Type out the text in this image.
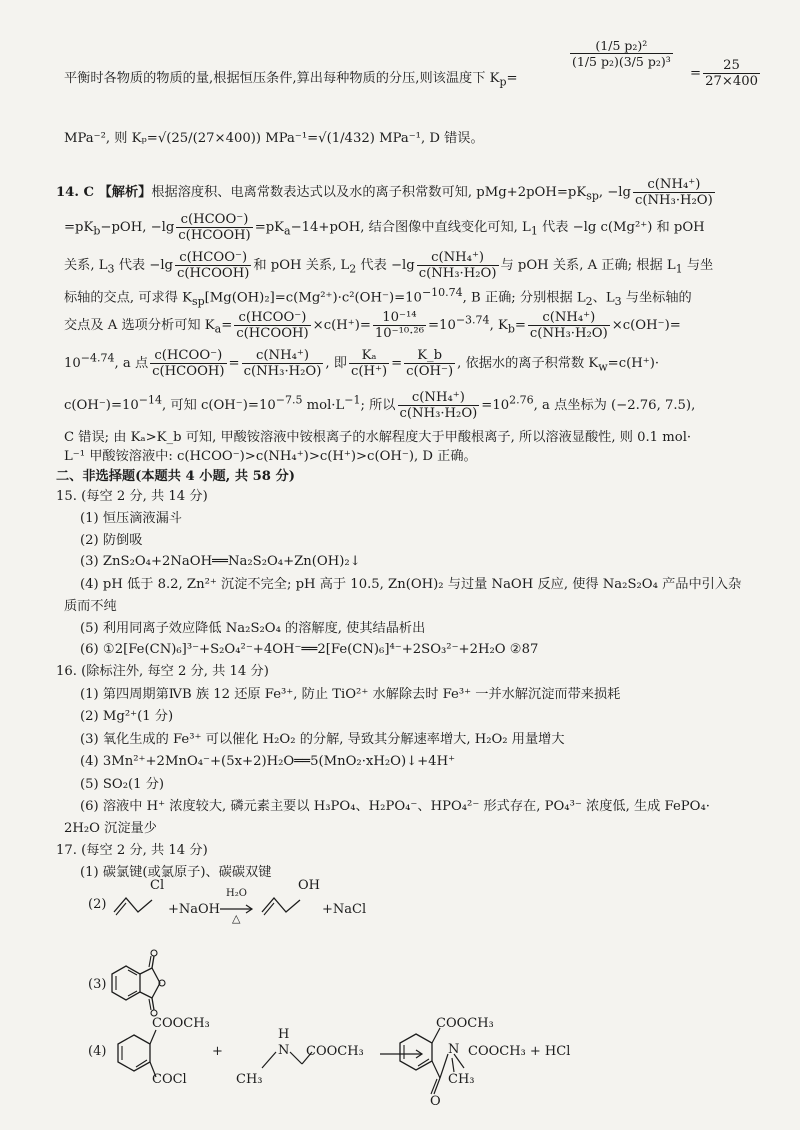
平衡时各物质的物质的量,根据恒压条件,算出每种物质的分压,则该温度下 $K_p=$
$\frac{\text{(1/5 p₂)²}}{\text{(1/5 p₂)(3/5 p₂)³}}$
= $\frac{25}{27\times 400}$
MPa⁻², 则 Kₚ=√(25/(27×400)) MPa⁻¹=√(1/432) MPa⁻¹, D 错误。
14. C 【解析】根据溶度积、电离常数表达式以及水的离子积常数可知, $pMg+2pOH=pK_{sp}$, $-\lg \frac{\text{c(NH₄⁺)}}{\text{c(NH₃·H₂O)}}$
$=pK_b-pOH$, $-\lg \frac{\text{c(HCOO⁻)}}{\text{c(HCOOH)}} =pK_a-14+pOH$, 结合图像中直线变化可知, $L_1$ 代表 −lg c(Mg²⁺) 和 pOH
关系, $L_3$ 代表 $-\lg \frac{\text{c(HCOO⁻)}}{\text{c(HCOOH)}}$ 和 pOH 关系, $L_2$ 代表 $-\lg \frac{\text{c(NH₄⁺)}}{\text{c(NH₃·H₂O)}}$ 与 pOH 关系, A 正确; 根据 $L_1$ 与坐
标轴的交点, 可求得 $K_{sp}[Mg(OH)_2]=c(Mg^{2+})\cdot c^2(OH^-)=10^{-10.74}$, B 正确; 分别根据 $L_2$、$L_3$ 与坐标轴的
交点及 A 选项分析可知 $K_a= \frac{\text{c(HCOO⁻)}}{\text{c(HCOOH)}} \times c(H^+)= \frac{\text{10⁻¹⁴}}{\text{10⁻¹⁰·²⁶}} =10^{-3.74}$, $K_b= \frac{\text{c(NH₄⁺)}}{\text{c(NH₃·H₂O)}} \times c(OH^-)=$
$10^{-4.74}$, a 点 $\frac{\text{c(HCOO⁻)}}{\text{c(HCOOH)}} = \frac{\text{c(NH₄⁺)}}{\text{c(NH₃·H₂O)}}$ , 即 $\frac{\text{Kₐ}}{c(H^+)} = \frac{K\_b}{c(OH^-)}$ , 依据水的离子积常数 $K_w=c(H^+)\cdot$
$c(OH^-)=10^{-14}$, 可知 $c(OH^-)=10^{-7.5}$ $mol\cdot L^{-1}$; 所以 $\frac{\text{c(NH₄⁺)}}{\text{c(NH₃·H₂O)}} =10^{2.76}$, a 点坐标为 (−2.76, 7.5),
C 错误; 由 Kₐ>K_b 可知, 甲酸铵溶液中铵根离子的水解程度大于甲酸根离子, 所以溶液显酸性, 则 0.1 mol·
L⁻¹ 甲酸铵溶液中: c(HCOO⁻)>c(NH₄⁺)>c(H⁺)>c(OH⁻), D 正确。
二、非选择题(本题共 4 小题, 共 58 分)
15. (每空 2 分, 共 14 分)
(1) 恒压滴液漏斗
(2) 防倒吸
(3) ZnS₂O₄+2NaOH══Na₂S₂O₄+Zn(OH)₂↓
(4) pH 低于 8.2, Zn²⁺ 沉淀不完全; pH 高于 10.5, Zn(OH)₂ 与过量 NaOH 反应, 使得 Na₂S₂O₄ 产品中引入杂
质而不纯
(5) 利用同离子效应降低 Na₂S₂O₄ 的溶解度, 使其结晶析出
(6) ①2[Fe(CN)₆]³⁻+S₂O₄²⁻+4OH⁻══2[Fe(CN)₆]⁴⁻+2SO₃²⁻+2H₂O ②87
16. (除标注外, 每空 2 分, 共 14 分)
(1) 第四周期第ⅣB 族 12 还原 Fe³⁺, 防止 TiO²⁺ 水解除去时 Fe³⁺ 一并水解沉淀而带来损耗
(2) Mg²⁺(1 分)
(3) 氧化生成的 Fe³⁺ 可以催化 H₂O₂ 的分解, 导致其分解速率增大, H₂O₂ 用量增大
(4) 3Mn²⁺+2MnO₄⁻+(5x+2)H₂O══5(MnO₂·xH₂O)↓+4H⁺
(5) SO₂(1 分)
(6) 溶液中 H⁺ 浓度较大, 磷元素主要以 H₃PO₄、H₂PO₄⁻、HPO₄²⁻ 形式存在, PO₄³⁻ 浓度低, 生成 FePO₄·
2H₂O 沉淀量少
17. (每空 2 分, 共 14 分)
(1) 碳氯键(或氯原子)、碳碳双键
(2)
Cl
+NaOH
H₂O
△
OH
+NaCl
(3)
(4)
COOCH₃
COCl
+
H
N
CH₃
COOCH₃ →
COOCH₃
N COOCH₃ + HCl
CH₃
O
